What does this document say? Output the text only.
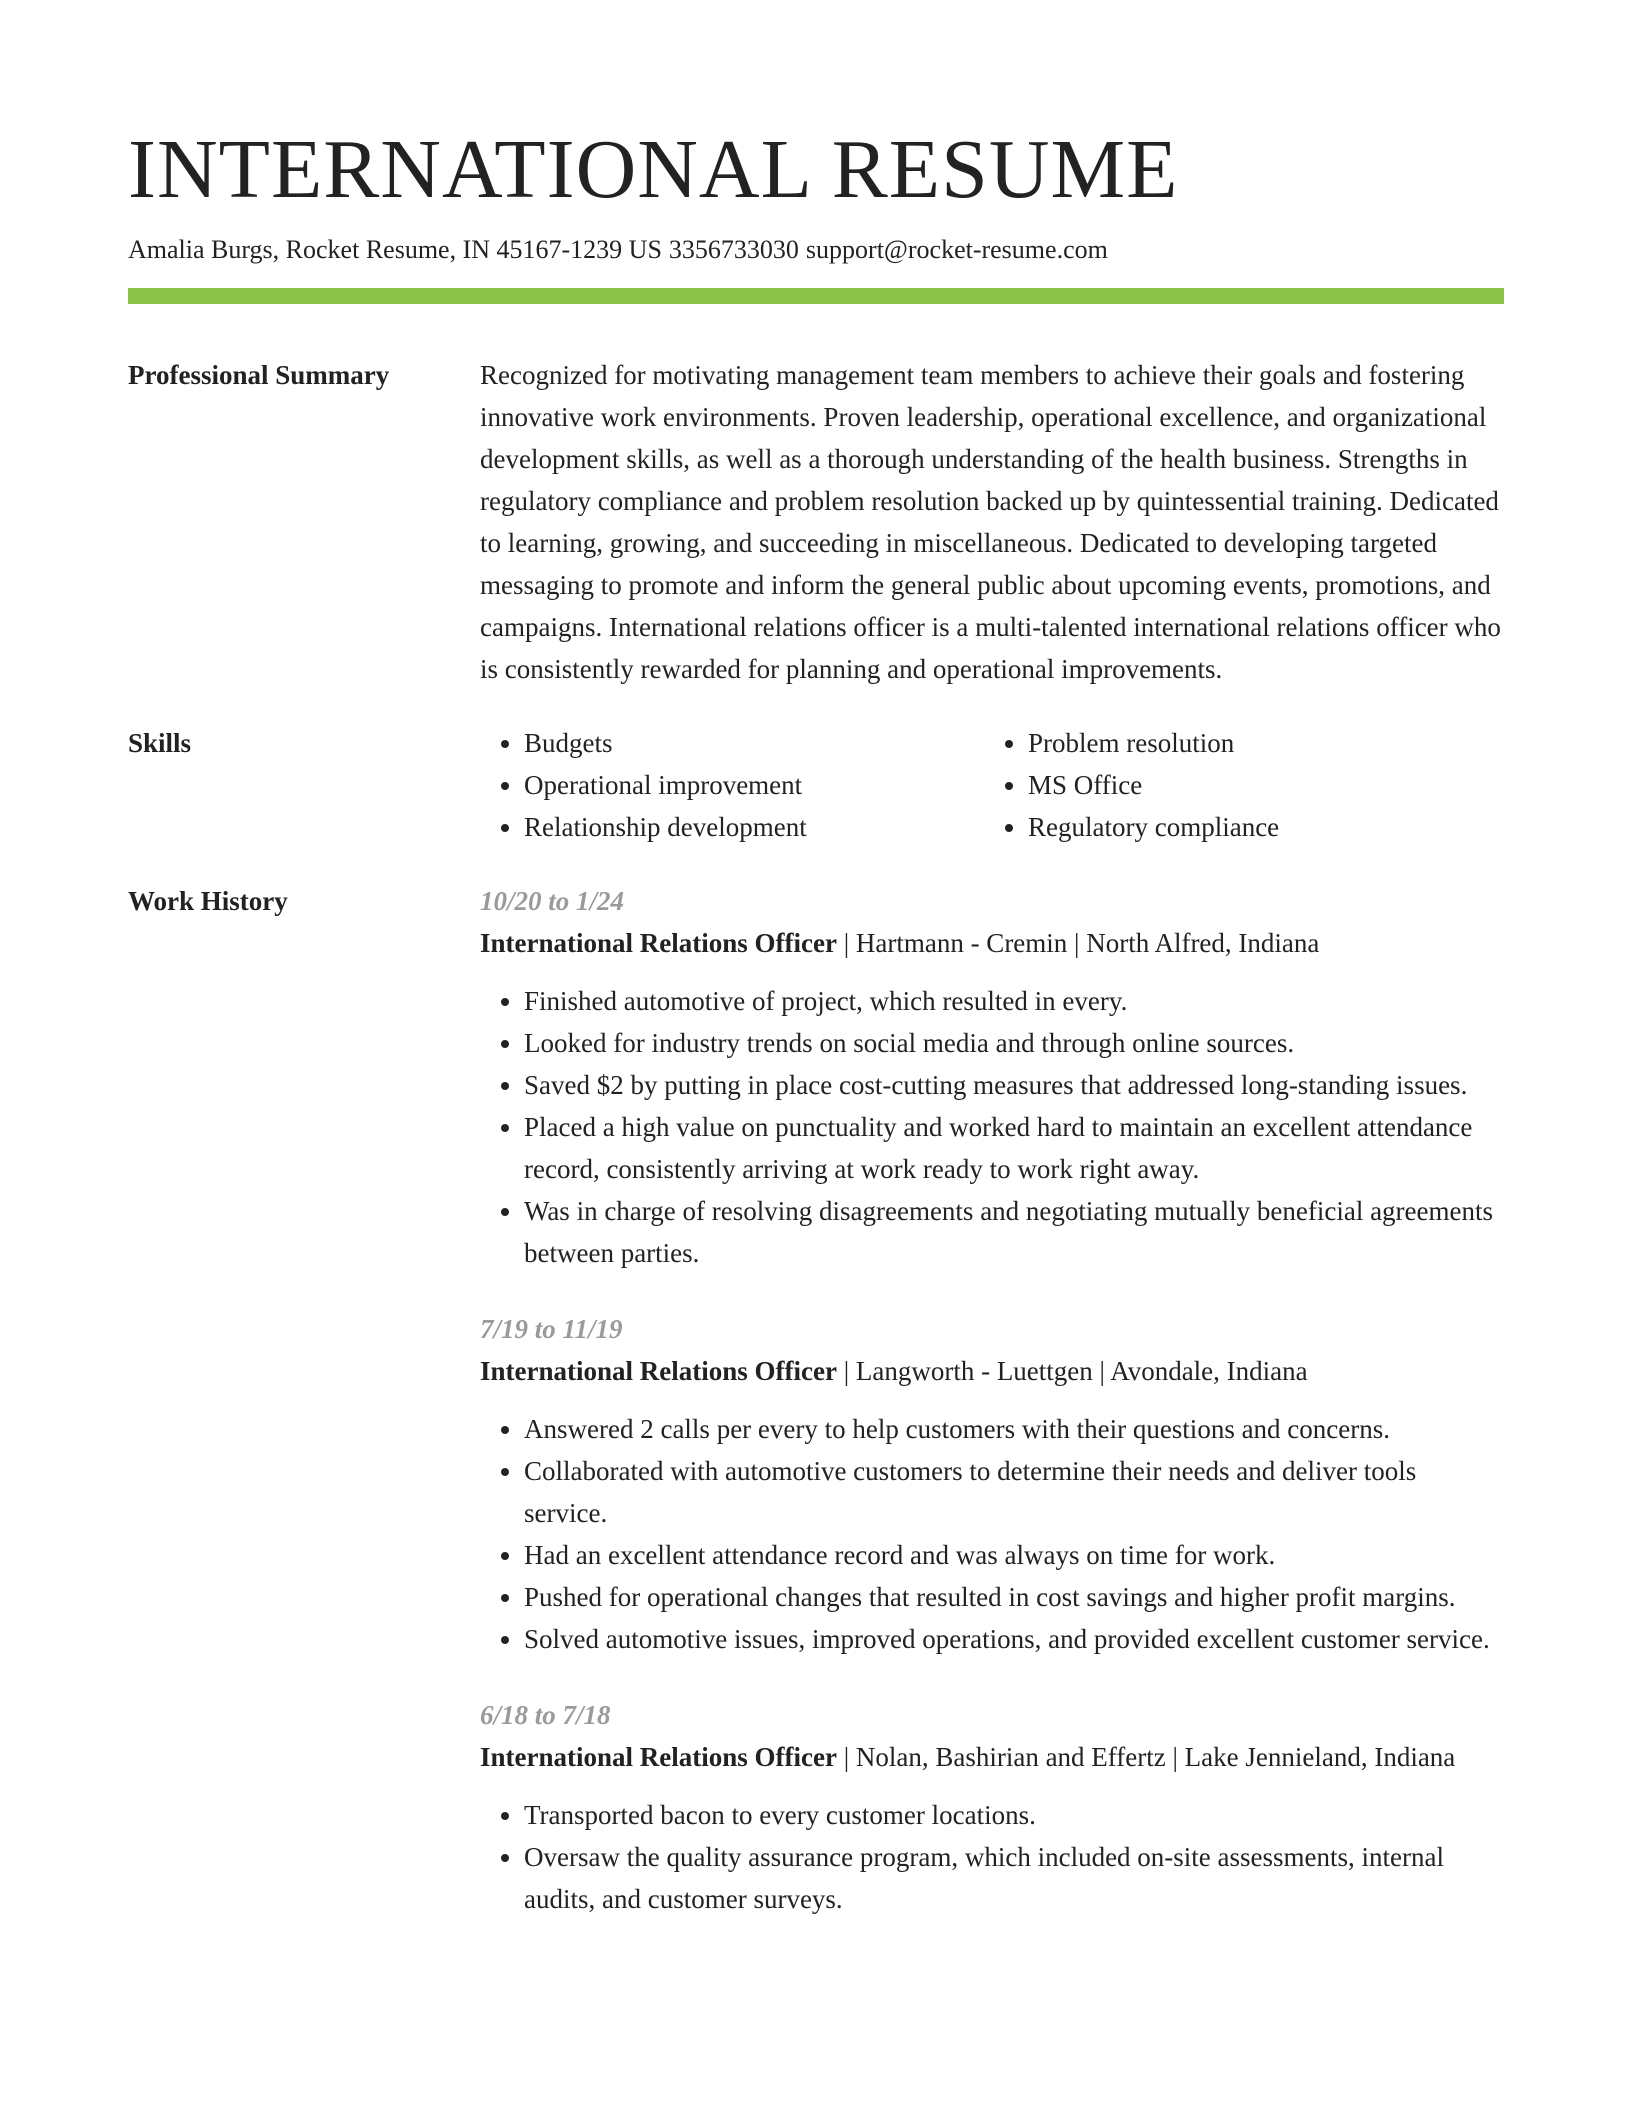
INTERNATIONAL RESUME
Amalia Burgs, Rocket Resume, IN 45167-1239 US 3356733030 support@rocket-resume.com
Professional Summary	Recognized for motivating management team members to achieve their goals and fostering innovative work environments. Proven leadership, operational excellence, and organizational development skills, as well as a thorough understanding of the health business. Strengths in regulatory compliance and problem resolution backed up by quintessential training. Dedicated to learning, growing, and succeeding in miscellaneous. Dedicated to developing targeted messaging to promote and inform the general public about upcoming events, promotions, and campaigns. International relations officer is a multi-talented international relations officer who is consistently rewarded for planning and operational improvements.
Skills
•	Budgets
• Operational improvement
• Relationship development
• Problem resolution
• MS Office
• Regulatory compliance
Work History	10/20 to 1/24
International Relations Officer | Hartmann - Cremin | North Alfred, Indiana
• Finished automotive of project, which resulted in every.
• Looked for industry trends on social media and through online sources.
• Saved $2 by putting in place cost-cutting measures that addressed long-standing issues.
• Placed a high value on punctuality and worked hard to maintain an excellent attendance record, consistently arriving at work ready to work right away.
• Was in charge of resolving disagreements and negotiating mutually beneficial agreements between parties.
7/19 to 11/19
International Relations Officer | Langworth - Luettgen | Avondale, Indiana
• Answered 2 calls per every to help customers with their questions and concerns.
• Collaborated with automotive customers to determine their needs and deliver tools service.
• Had an excellent attendance record and was always on time for work.
• Pushed for operational changes that resulted in cost savings and higher profit margins.
• Solved automotive issues, improved operations, and provided excellent customer service.
6/18 to 7/18
International Relations Officer | Nolan, Bashirian and Effertz | Lake Jennieland, Indiana
• Transported bacon to every customer locations.
• Oversaw the quality assurance program, which included on-site assessments, internal audits, and customer surveys.
